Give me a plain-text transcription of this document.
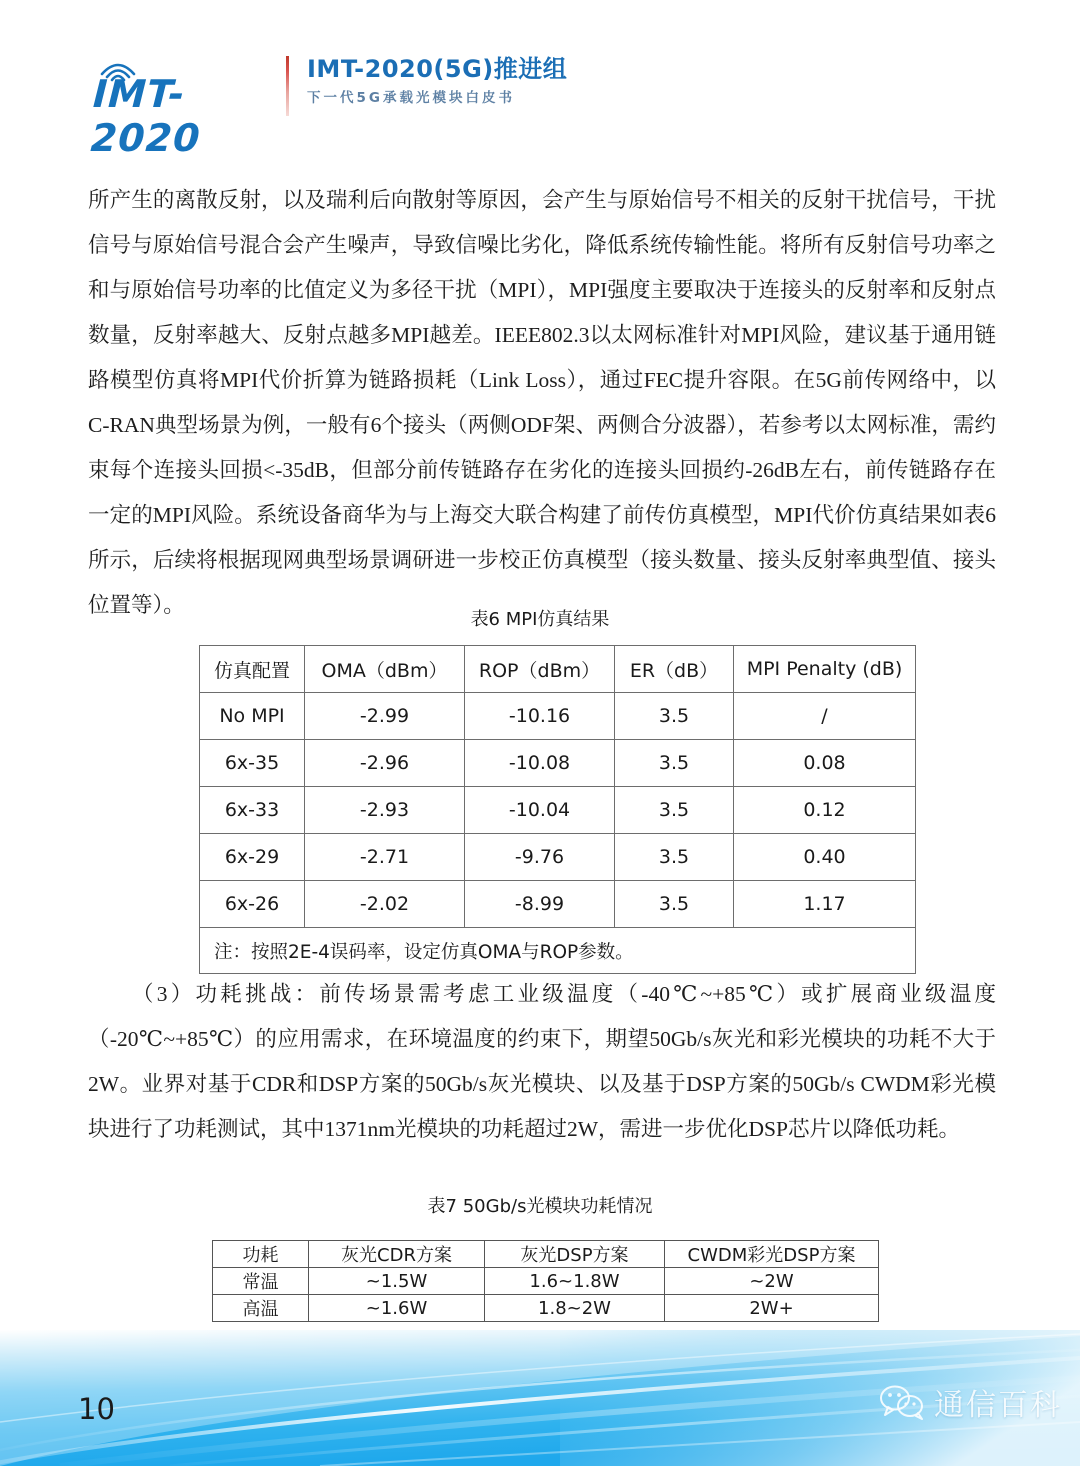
IMT-2020
IMT-2020(5G)推进组
下一代5G承载光模块白皮书

所产生的离散反射，以及瑞利后向散射等原因，会产生与原始信号不相关的反射干扰信号，干扰信号与原始信号混合会产生噪声，导致信噪比劣化，降低系统传输性能。将所有反射信号功率之和与原始信号功率的比值定义为多径干扰（MPI），MPI强度主要取决于连接头的反射率和反射点数量，反射率越大、反射点越多MPI越差。IEEE802.3以太网标准针对MPI风险，建议基于通用链路模型仿真将MPI代价折算为链路损耗（Link Loss），通过FEC提升容限。在5G前传网络中，以C-RAN典型场景为例，一般有6个接头（两侧ODF架、两侧合分波器），若参考以太网标准，需约束每个连接头回损<-35dB，但部分前传链路存在劣化的连接头回损约-26dB左右，前传链路存在一定的MPI风险。系统设备商华为与上海交大联合构建了前传仿真模型，MPI代价仿真结果如表6所示，后续将根据现网典型场景调研进一步校正仿真模型（接头数量、接头反射率典型值、接头位置等）。

表6 MPI仿真结果
仿真配置	OMA（dBm）	ROP（dBm）	ER（dB）	MPI Penalty (dB)
No MPI	-2.99	-10.16	3.5	/
6x-35	-2.96	-10.08	3.5	0.08
6x-33	-2.93	-10.04	3.5	0.12
6x-29	-2.71	-9.76	3.5	0.40
6x-26	-2.02	-8.99	3.5	1.17
注：按照2E-4误码率，设定仿真OMA与ROP参数。				

（3）功耗挑战：前传场景需考虑工业级温度（-40℃~+85℃）或扩展商业级温度（-20℃~+85℃）的应用需求，在环境温度的约束下，期望50Gb/s灰光和彩光模块的功耗不大于2W。业界对基于CDR和DSP方案的50Gb/s灰光模块、以及基于DSP方案的50Gb/s CWDM彩光模块进行了功耗测试，其中1371nm光模块的功耗超过2W，需进一步优化DSP芯片以降低功耗。

表7 50Gb/s光模块功耗情况
功耗	灰光CDR方案	灰光DSP方案	CWDM彩光DSP方案
常温	~1.5W	1.6~1.8W	~2W
高温	~1.6W	1.8~2W	2W+
10	通信百科
